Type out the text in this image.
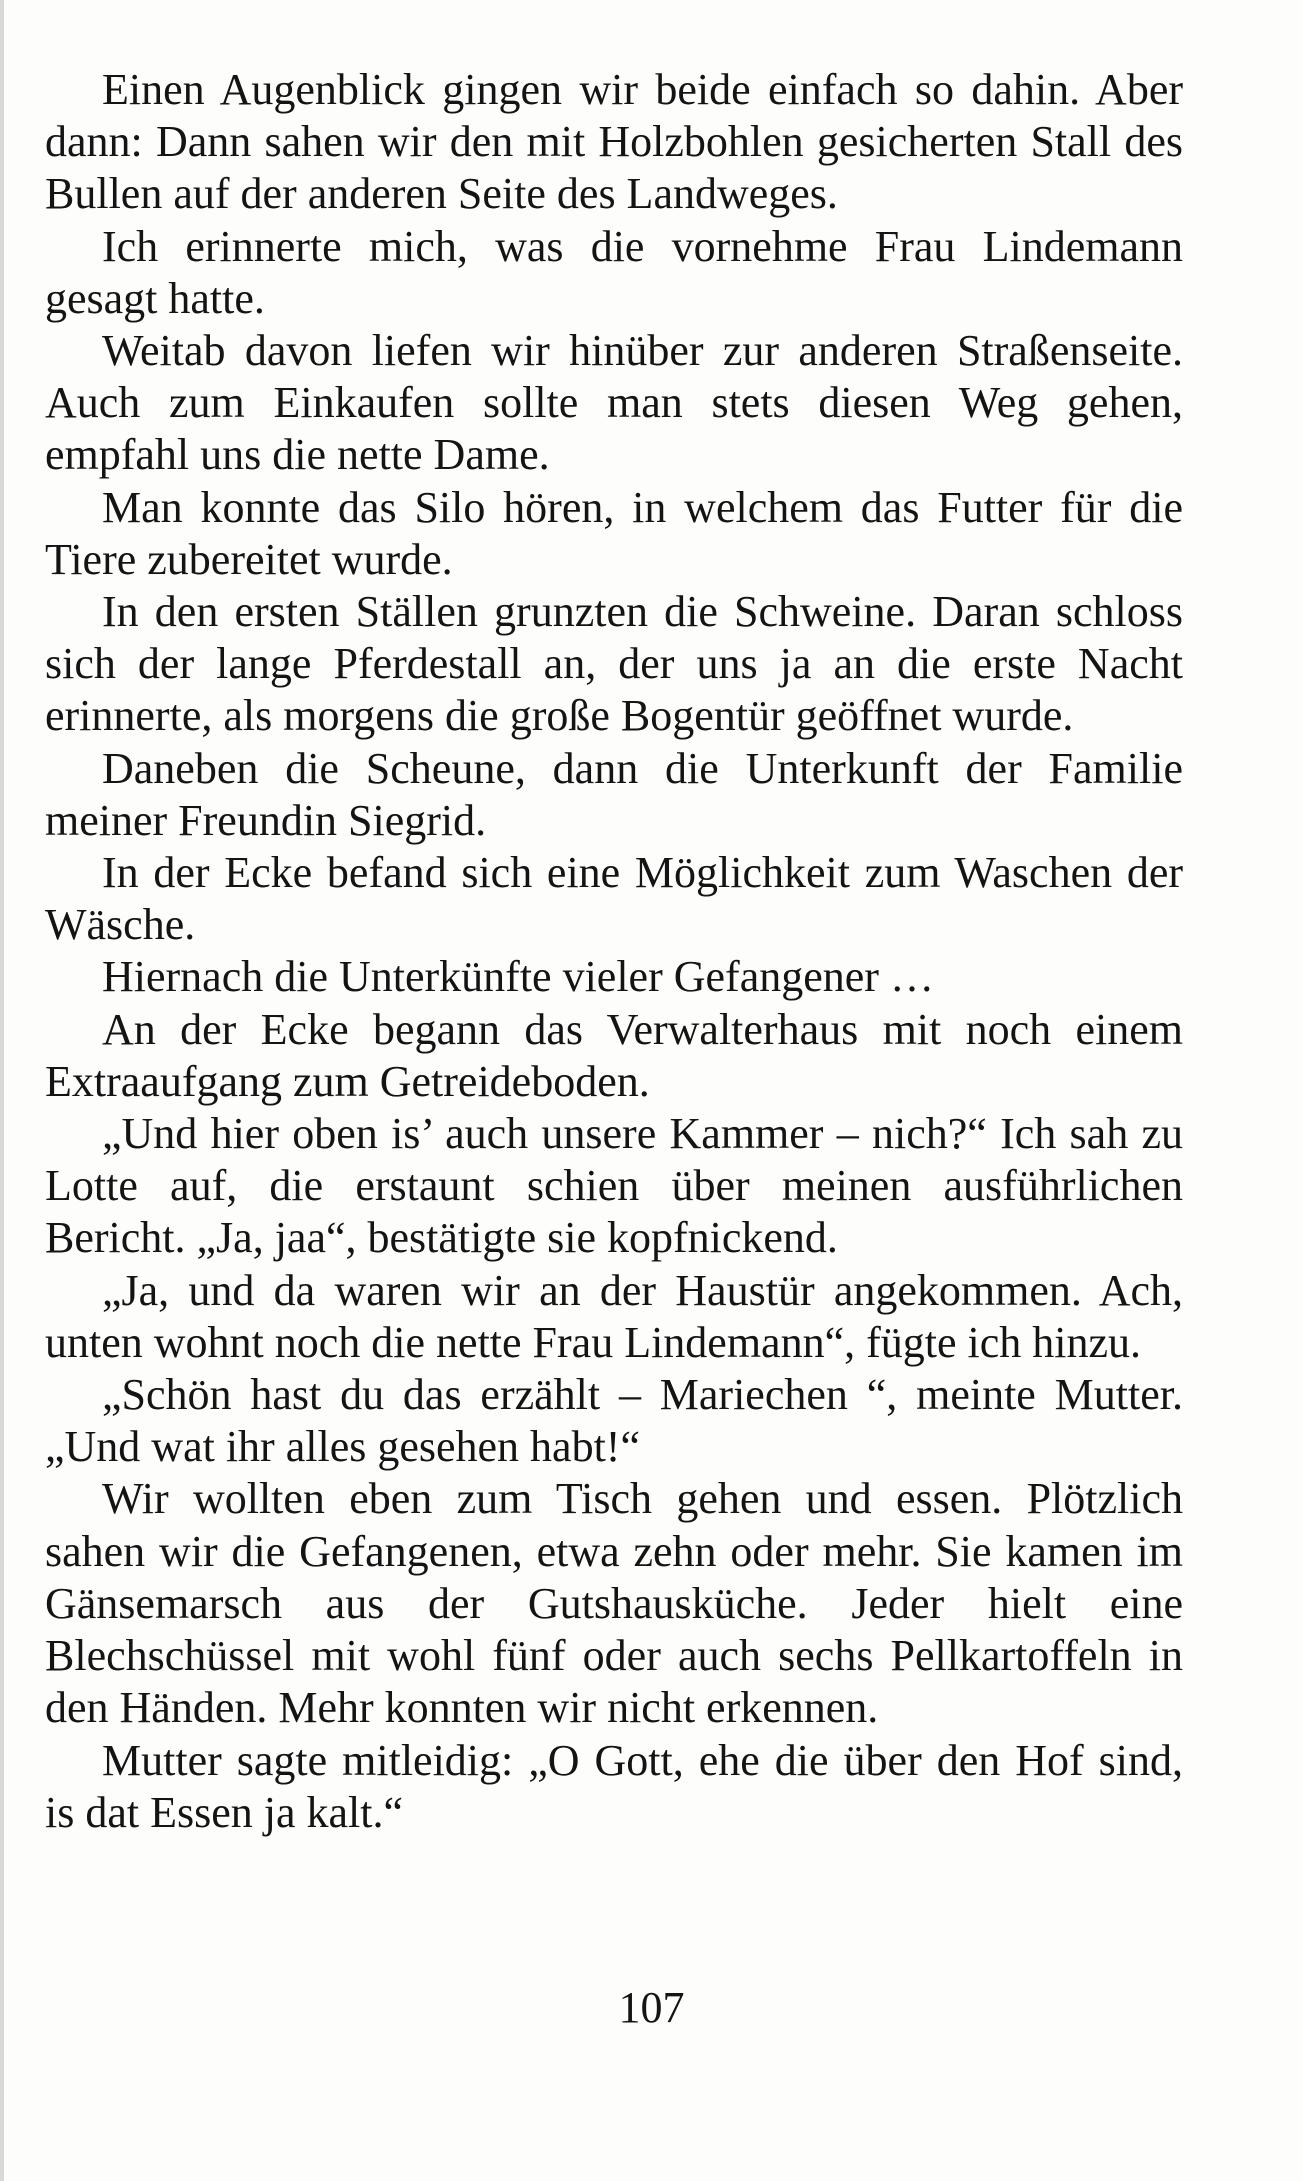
Einen Augenblick gingen wir beide einfach so dahin. Aber dann: Dann sahen wir den mit Holzbohlen gesicherten Stall des Bullen auf der anderen Seite des Landweges.

Ich erinnerte mich, was die vornehme Frau Lindemann gesagt hatte.

Weitab davon liefen wir hinüber zur anderen Straßenseite. Auch zum Einkaufen sollte man stets diesen Weg gehen, empfahl uns die nette Dame.

Man konnte das Silo hören, in welchem das Futter für die Tiere zubereitet wurde.

In den ersten Ställen grunzten die Schweine. Daran schloss sich der lange Pferdestall an, der uns ja an die erste Nacht erinnerte, als morgens die große Bogentür geöffnet wurde.

Daneben die Scheune, dann die Unterkunft der Familie meiner Freundin Siegrid.

In der Ecke befand sich eine Möglichkeit zum Waschen der Wäsche.

Hiernach die Unterkünfte vieler Gefangener …

An der Ecke begann das Verwalterhaus mit noch einem Extraaufgang zum Getreideboden.

„Und hier oben is’ auch unsere Kammer – nich?“ Ich sah zu Lotte auf, die erstaunt schien über meinen ausführlichen Bericht. „Ja, jaa“, bestätigte sie kopfnickend.

„Ja, und da waren wir an der Haustür angekommen. Ach, unten wohnt noch die nette Frau Lindemann“, fügte ich hinzu.

„Schön hast du das erzählt – Mariechen “, meinte Mutter. „Und wat ihr alles gesehen habt!“

Wir wollten eben zum Tisch gehen und essen. Plötzlich sahen wir die Gefangenen, etwa zehn oder mehr. Sie kamen im Gänsemarsch aus der Gutshausküche. Jeder hielt eine Blechschüssel mit wohl fünf oder auch sechs Pellkartoffeln in den Händen. Mehr konnten wir nicht erkennen.

Mutter sagte mitleidig: „O Gott, ehe die über den Hof sind, is dat Essen ja kalt.“

107
